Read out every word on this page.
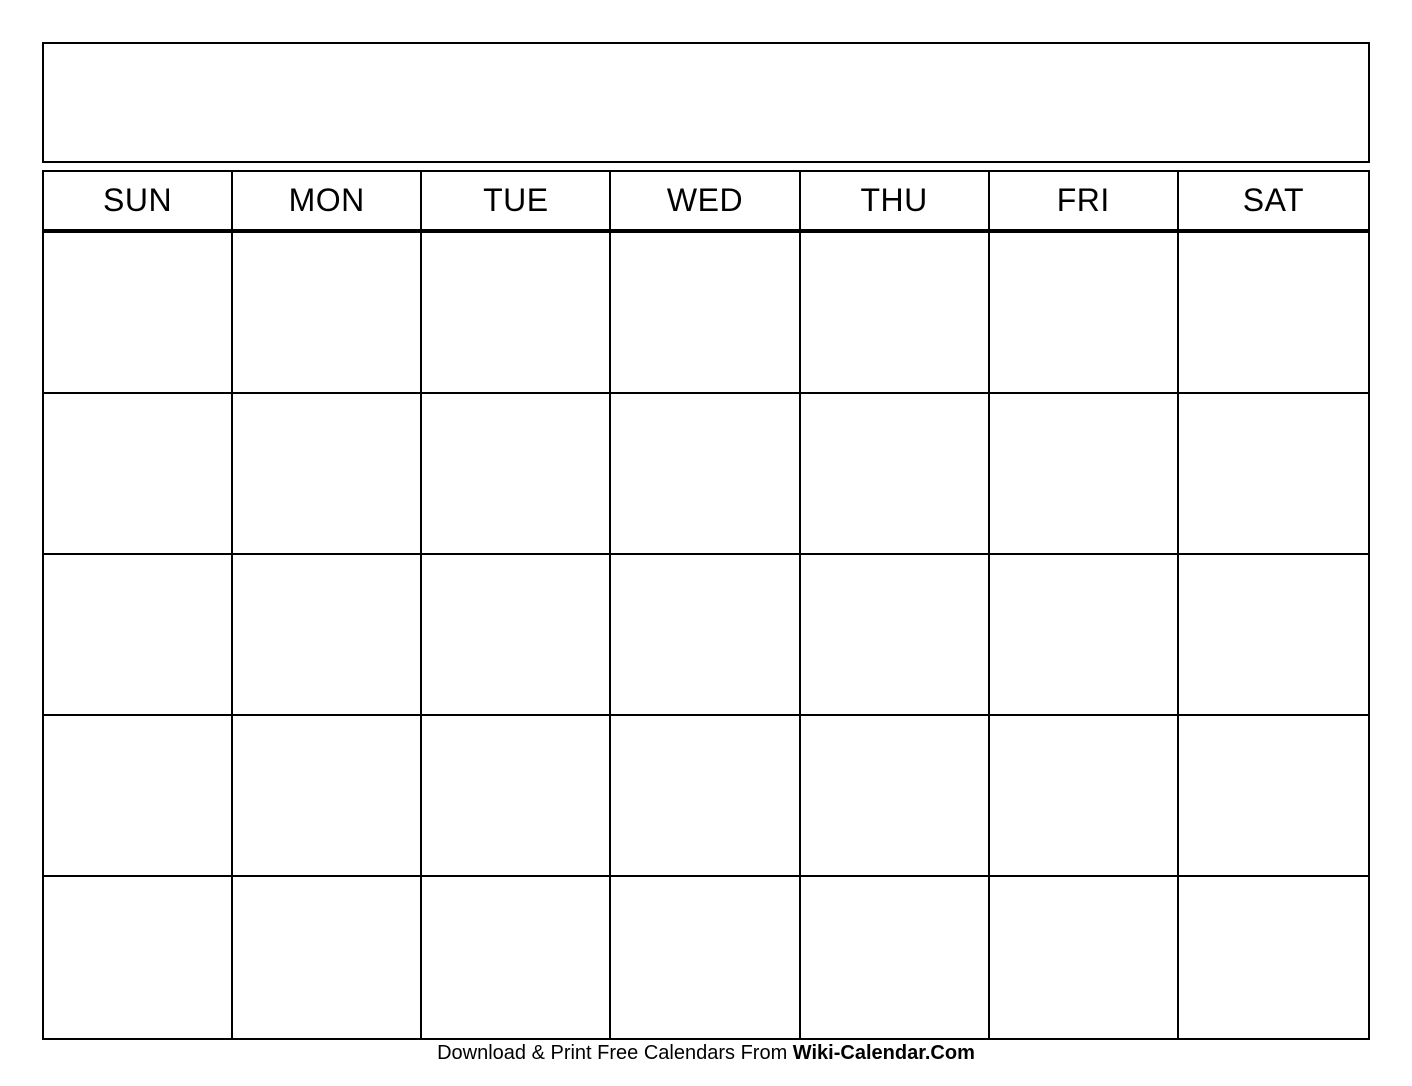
SUN	MON	TUE	WED	THU	FRI	SAT
Download & Print Free Calendars From Wiki-Calendar.Com
